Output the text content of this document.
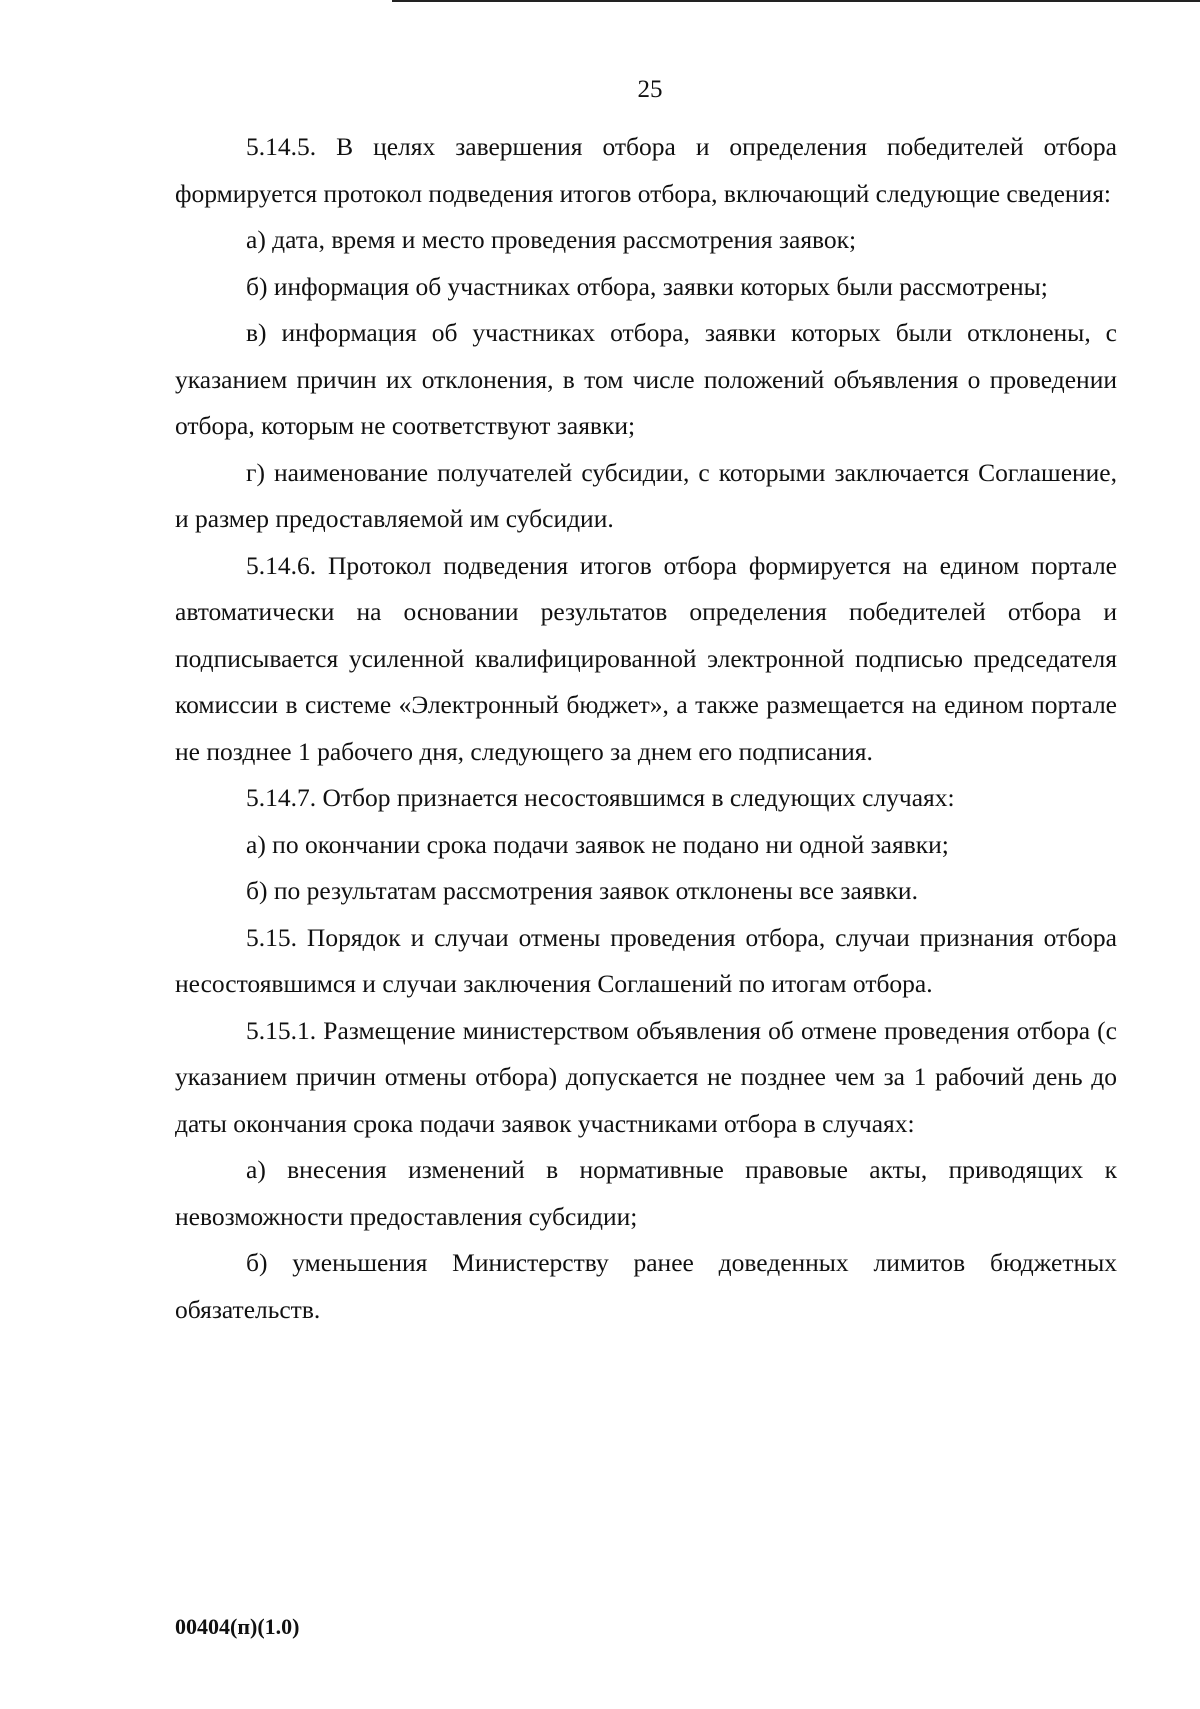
25

5.14.5. В целях завершения отбора и определения победителей отбора формируется протокол подведения итогов отбора, включающий следующие сведения:

а) дата, время и место проведения рассмотрения заявок;

б) информация об участниках отбора, заявки которых были рассмотрены;

в) информация об участниках отбора, заявки которых были отклонены, с указанием причин их отклонения, в том числе положений объявления о проведении отбора, которым не соответствуют заявки;

г) наименование получателей субсидии, с которыми заключается Соглашение, и размер предоставляемой им субсидии.

5.14.6. Протокол подведения итогов отбора формируется на едином портале автоматически на основании результатов определения победителей отбора и подписывается усиленной квалифицированной электронной подписью председателя комиссии в системе «Электронный бюджет», а также размещается на едином портале не позднее 1 рабочего дня, следующего за днем его подписания.

5.14.7. Отбор признается несостоявшимся в следующих случаях:

а) по окончании срока подачи заявок не подано ни одной заявки;

б) по результатам рассмотрения заявок отклонены все заявки.

5.15. Порядок и случаи отмены проведения отбора, случаи признания отбора несостоявшимся и случаи заключения Соглашений по итогам отбора.

5.15.1. Размещение министерством объявления об отмене проведения отбора (с указанием причин отмены отбора) допускается не позднее чем за 1 рабочий день до даты окончания срока подачи заявок участниками отбора в случаях:

а) внесения изменений в нормативные правовые акты, приводящих к невозможности предоставления субсидии;

б) уменьшения Министерству ранее доведенных лимитов бюджетных обязательств.

00404(п)(1.0)
